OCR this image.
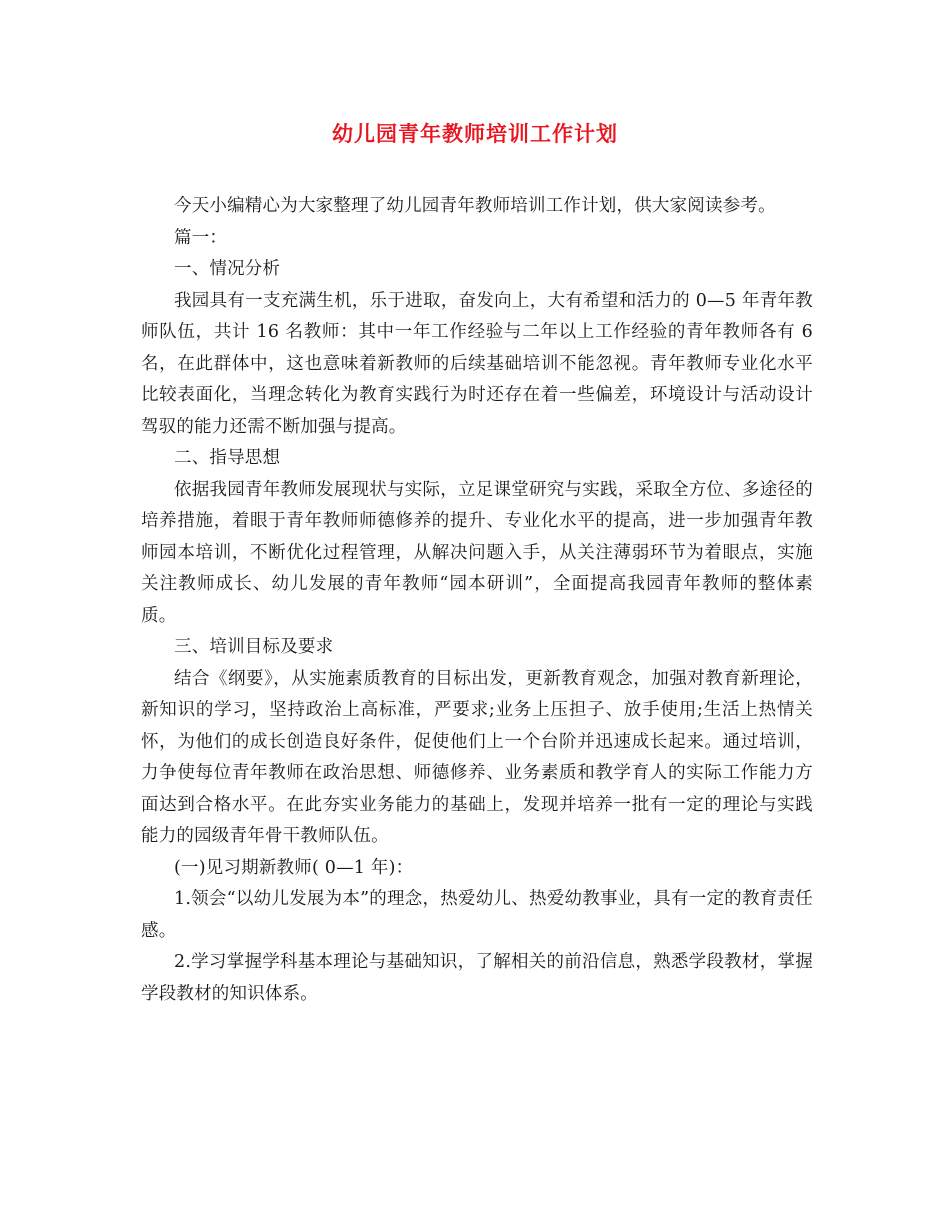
幼儿园青年教师培训工作计划

今天小编精心为大家整理了幼儿园青年教师培训工作计划，供大家阅读参考。

篇一：

一、情况分析

我园具有一支充满生机，乐于进取，奋发向上，大有希望和活力的 0—5 年青年教师队伍，共计 16 名教师：其中一年工作经验与二年以上工作经验的青年教师各有 6 名，在此群体中，这也意味着新教师的后续基础培训不能忽视。青年教师专业化水平比较表面化，当理念转化为教育实践行为时还存在着一些偏差，环境设计与活动设计驾驭的能力还需不断加强与提高。

二、指导思想

依据我园青年教师发展现状与实际，立足课堂研究与实践，采取全方位、多途径的培养措施，着眼于青年教师师德修养的提升、专业化水平的提高，进一步加强青年教师园本培训，不断优化过程管理，从解决问题入手，从关注薄弱环节为着眼点，实施关注教师成长、幼儿发展的青年教师“园本研训”，全面提高我园青年教师的整体素质。

三、培训目标及要求

结合《纲要》，从实施素质教育的目标出发，更新教育观念，加强对教育新理论，新知识的学习，坚持政治上高标准，严要求;业务上压担子、放手使用;生活上热情关怀，为他们的成长创造良好条件，促使他们上一个台阶并迅速成长起来。通过培训，力争使每位青年教师在政治思想、师德修养、业务素质和教学育人的实际工作能力方面达到合格水平。在此夯实业务能力的基础上，发现并培养一批有一定的理论与实践能力的园级青年骨干教师队伍。

(一)见习期新教师( 0—1 年)：

1.领会“以幼儿发展为本”的理念，热爱幼儿、热爱幼教事业，具有一定的教育责任感。

2.学习掌握学科基本理论与基础知识，了解相关的前沿信息，熟悉学段教材，掌握学段教材的知识体系。
